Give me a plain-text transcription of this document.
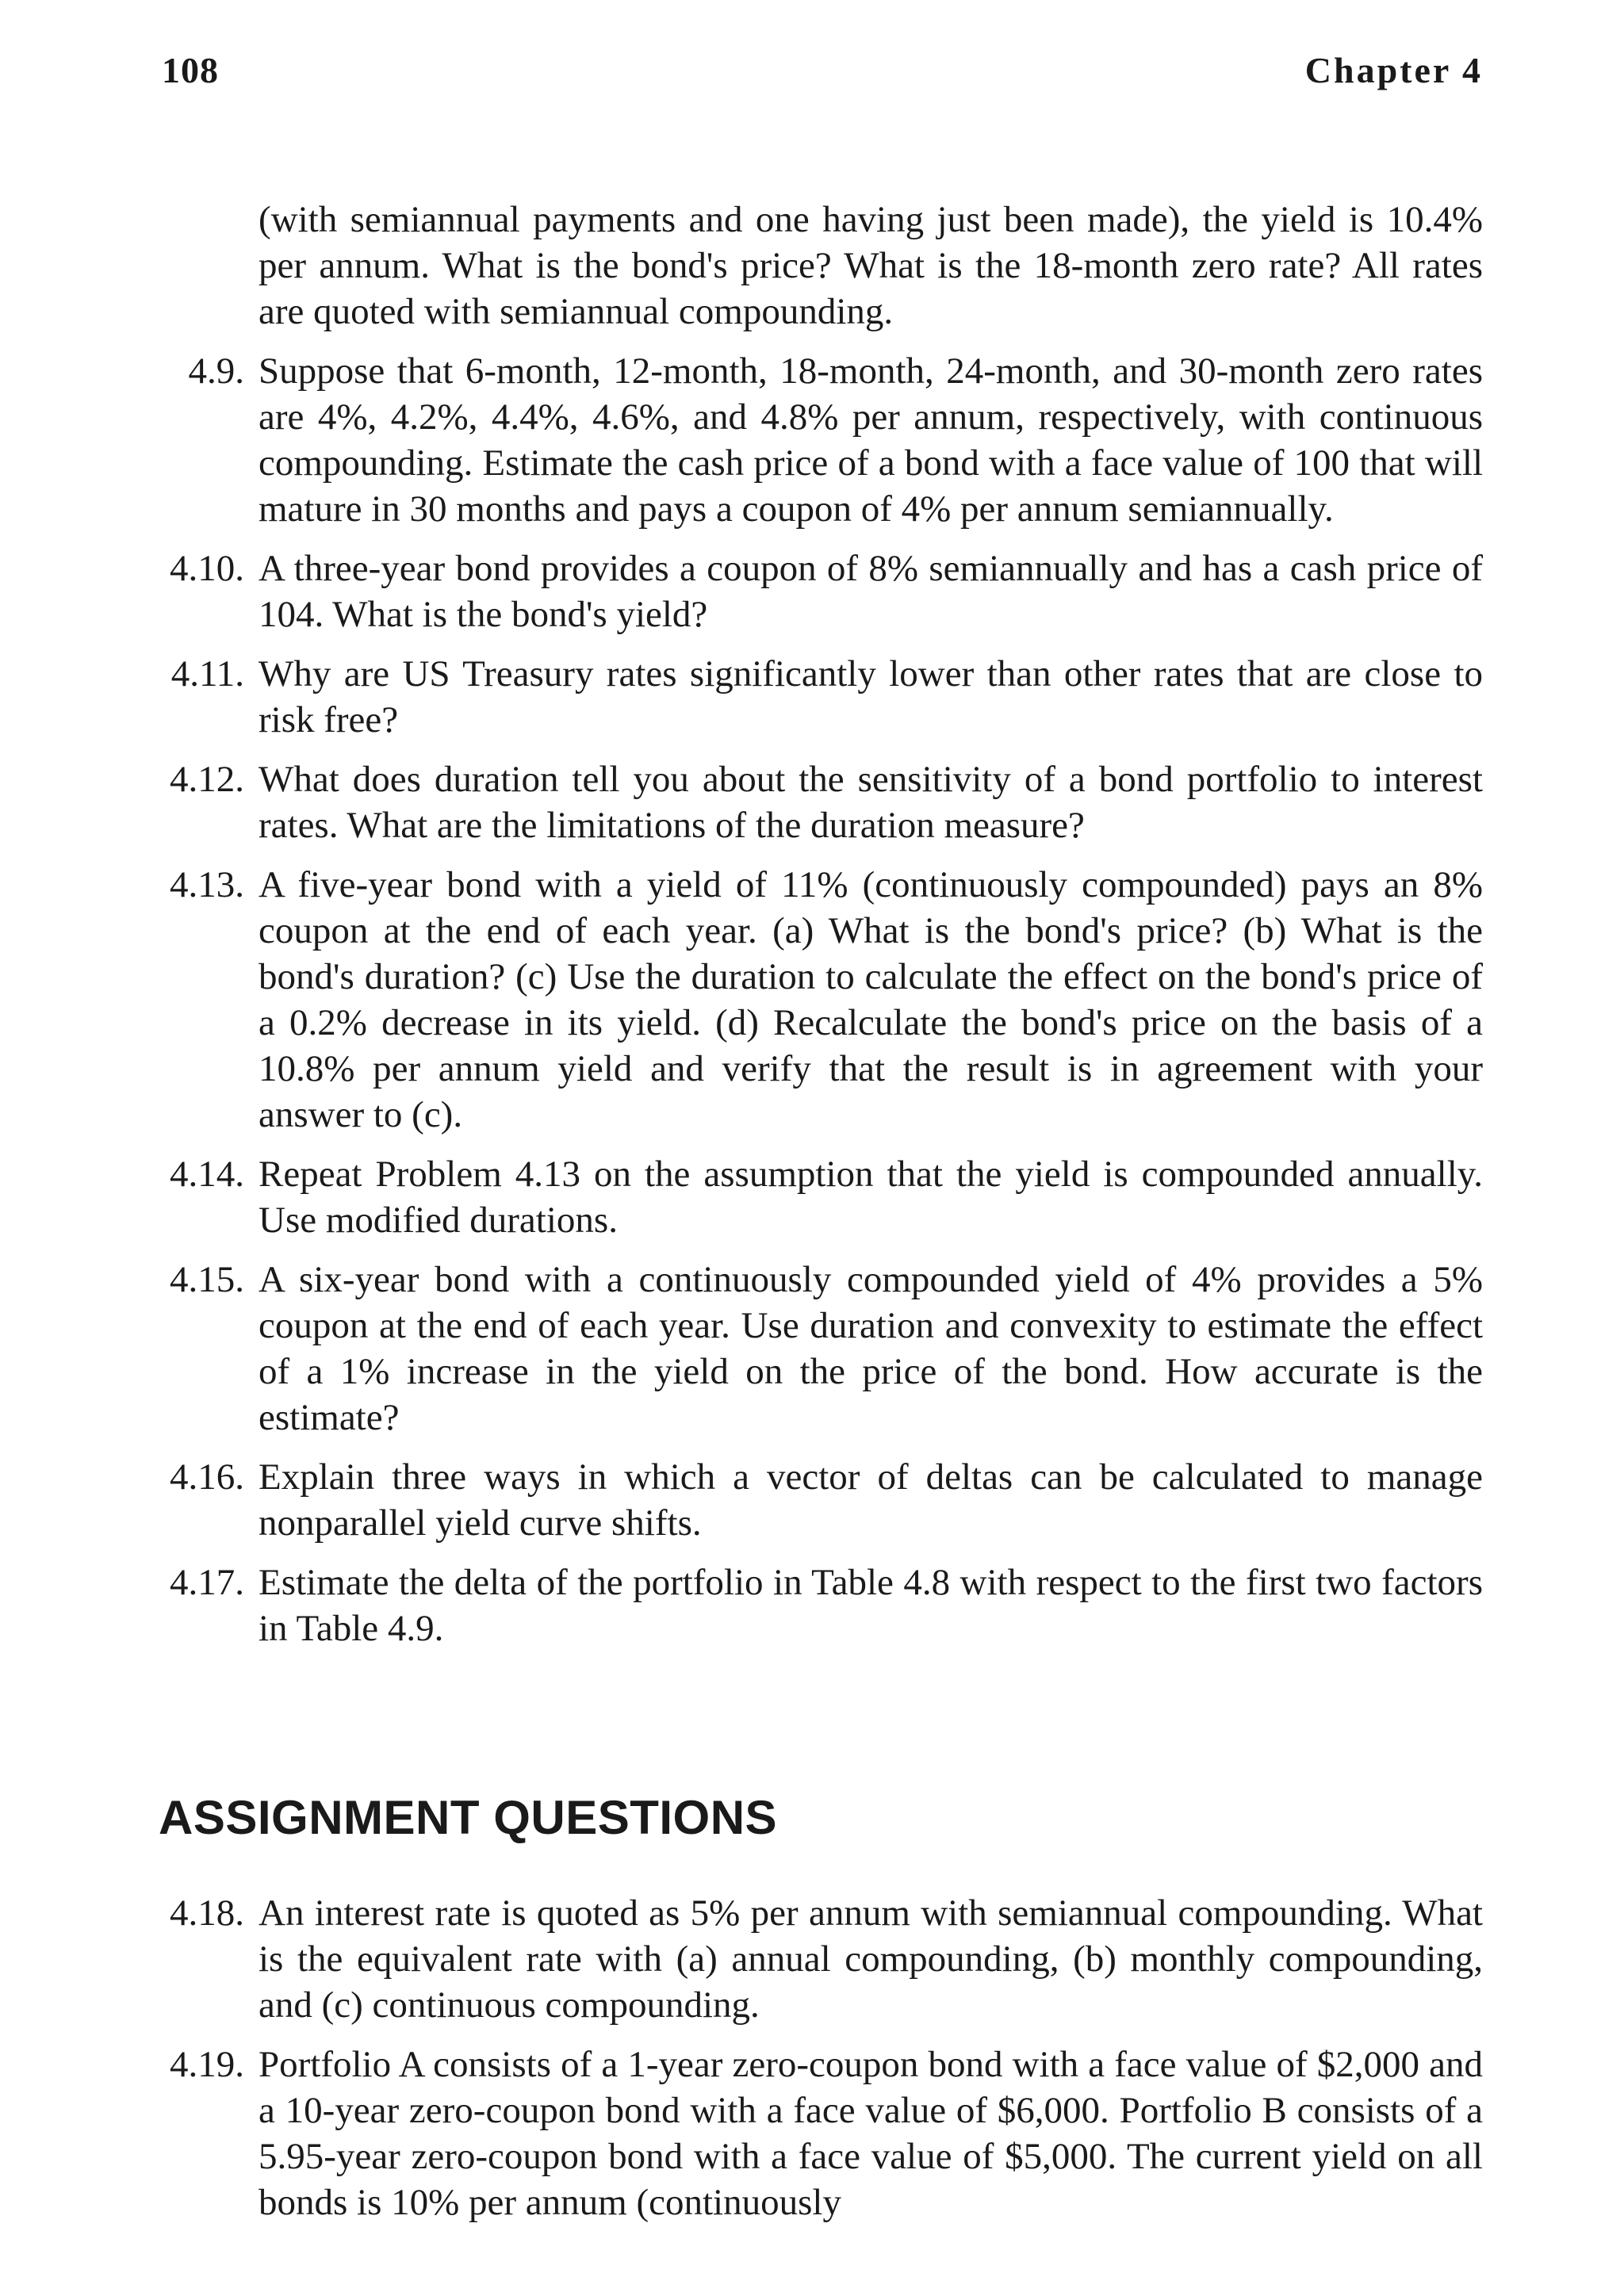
108	Chapter 4
(with semiannual payments and one having just been made), the yield is 10.4% per annum. What is the bond's price? What is the 18-month zero rate? All rates are quoted with semiannual compounding.
4.9. Suppose that 6-month, 12-month, 18-month, 24-month, and 30-month zero rates are 4%, 4.2%, 4.4%, 4.6%, and 4.8% per annum, respectively, with continuous compounding. Estimate the cash price of a bond with a face value of 100 that will mature in 30 months and pays a coupon of 4% per annum semiannually.
4.10. A three-year bond provides a coupon of 8% semiannually and has a cash price of 104. What is the bond's yield?
4.11. Why are US Treasury rates significantly lower than other rates that are close to risk free?
4.12. What does duration tell you about the sensitivity of a bond portfolio to interest rates. What are the limitations of the duration measure?
4.13. A five-year bond with a yield of 11% (continuously compounded) pays an 8% coupon at the end of each year. (a) What is the bond's price? (b) What is the bond's duration? (c) Use the duration to calculate the effect on the bond's price of a 0.2% decrease in its yield. (d) Recalculate the bond's price on the basis of a 10.8% per annum yield and verify that the result is in agreement with your answer to (c).
4.14. Repeat Problem 4.13 on the assumption that the yield is compounded annually. Use modified durations.
4.15. A six-year bond with a continuously compounded yield of 4% provides a 5% coupon at the end of each year. Use duration and convexity to estimate the effect of a 1% increase in the yield on the price of the bond. How accurate is the estimate?
4.16. Explain three ways in which a vector of deltas can be calculated to manage nonparallel yield curve shifts.
4.17. Estimate the delta of the portfolio in Table 4.8 with respect to the first two factors in Table 4.9.
ASSIGNMENT QUESTIONS
4.18. An interest rate is quoted as 5% per annum with semiannual compounding. What is the equivalent rate with (a) annual compounding, (b) monthly compounding, and (c) continuous compounding.
4.19. Portfolio A consists of a 1-year zero-coupon bond with a face value of $2,000 and a 10-year zero-coupon bond with a face value of $6,000. Portfolio B consists of a 5.95-year zero-coupon bond with a face value of $5,000. The current yield on all bonds is 10% per annum (continuously
